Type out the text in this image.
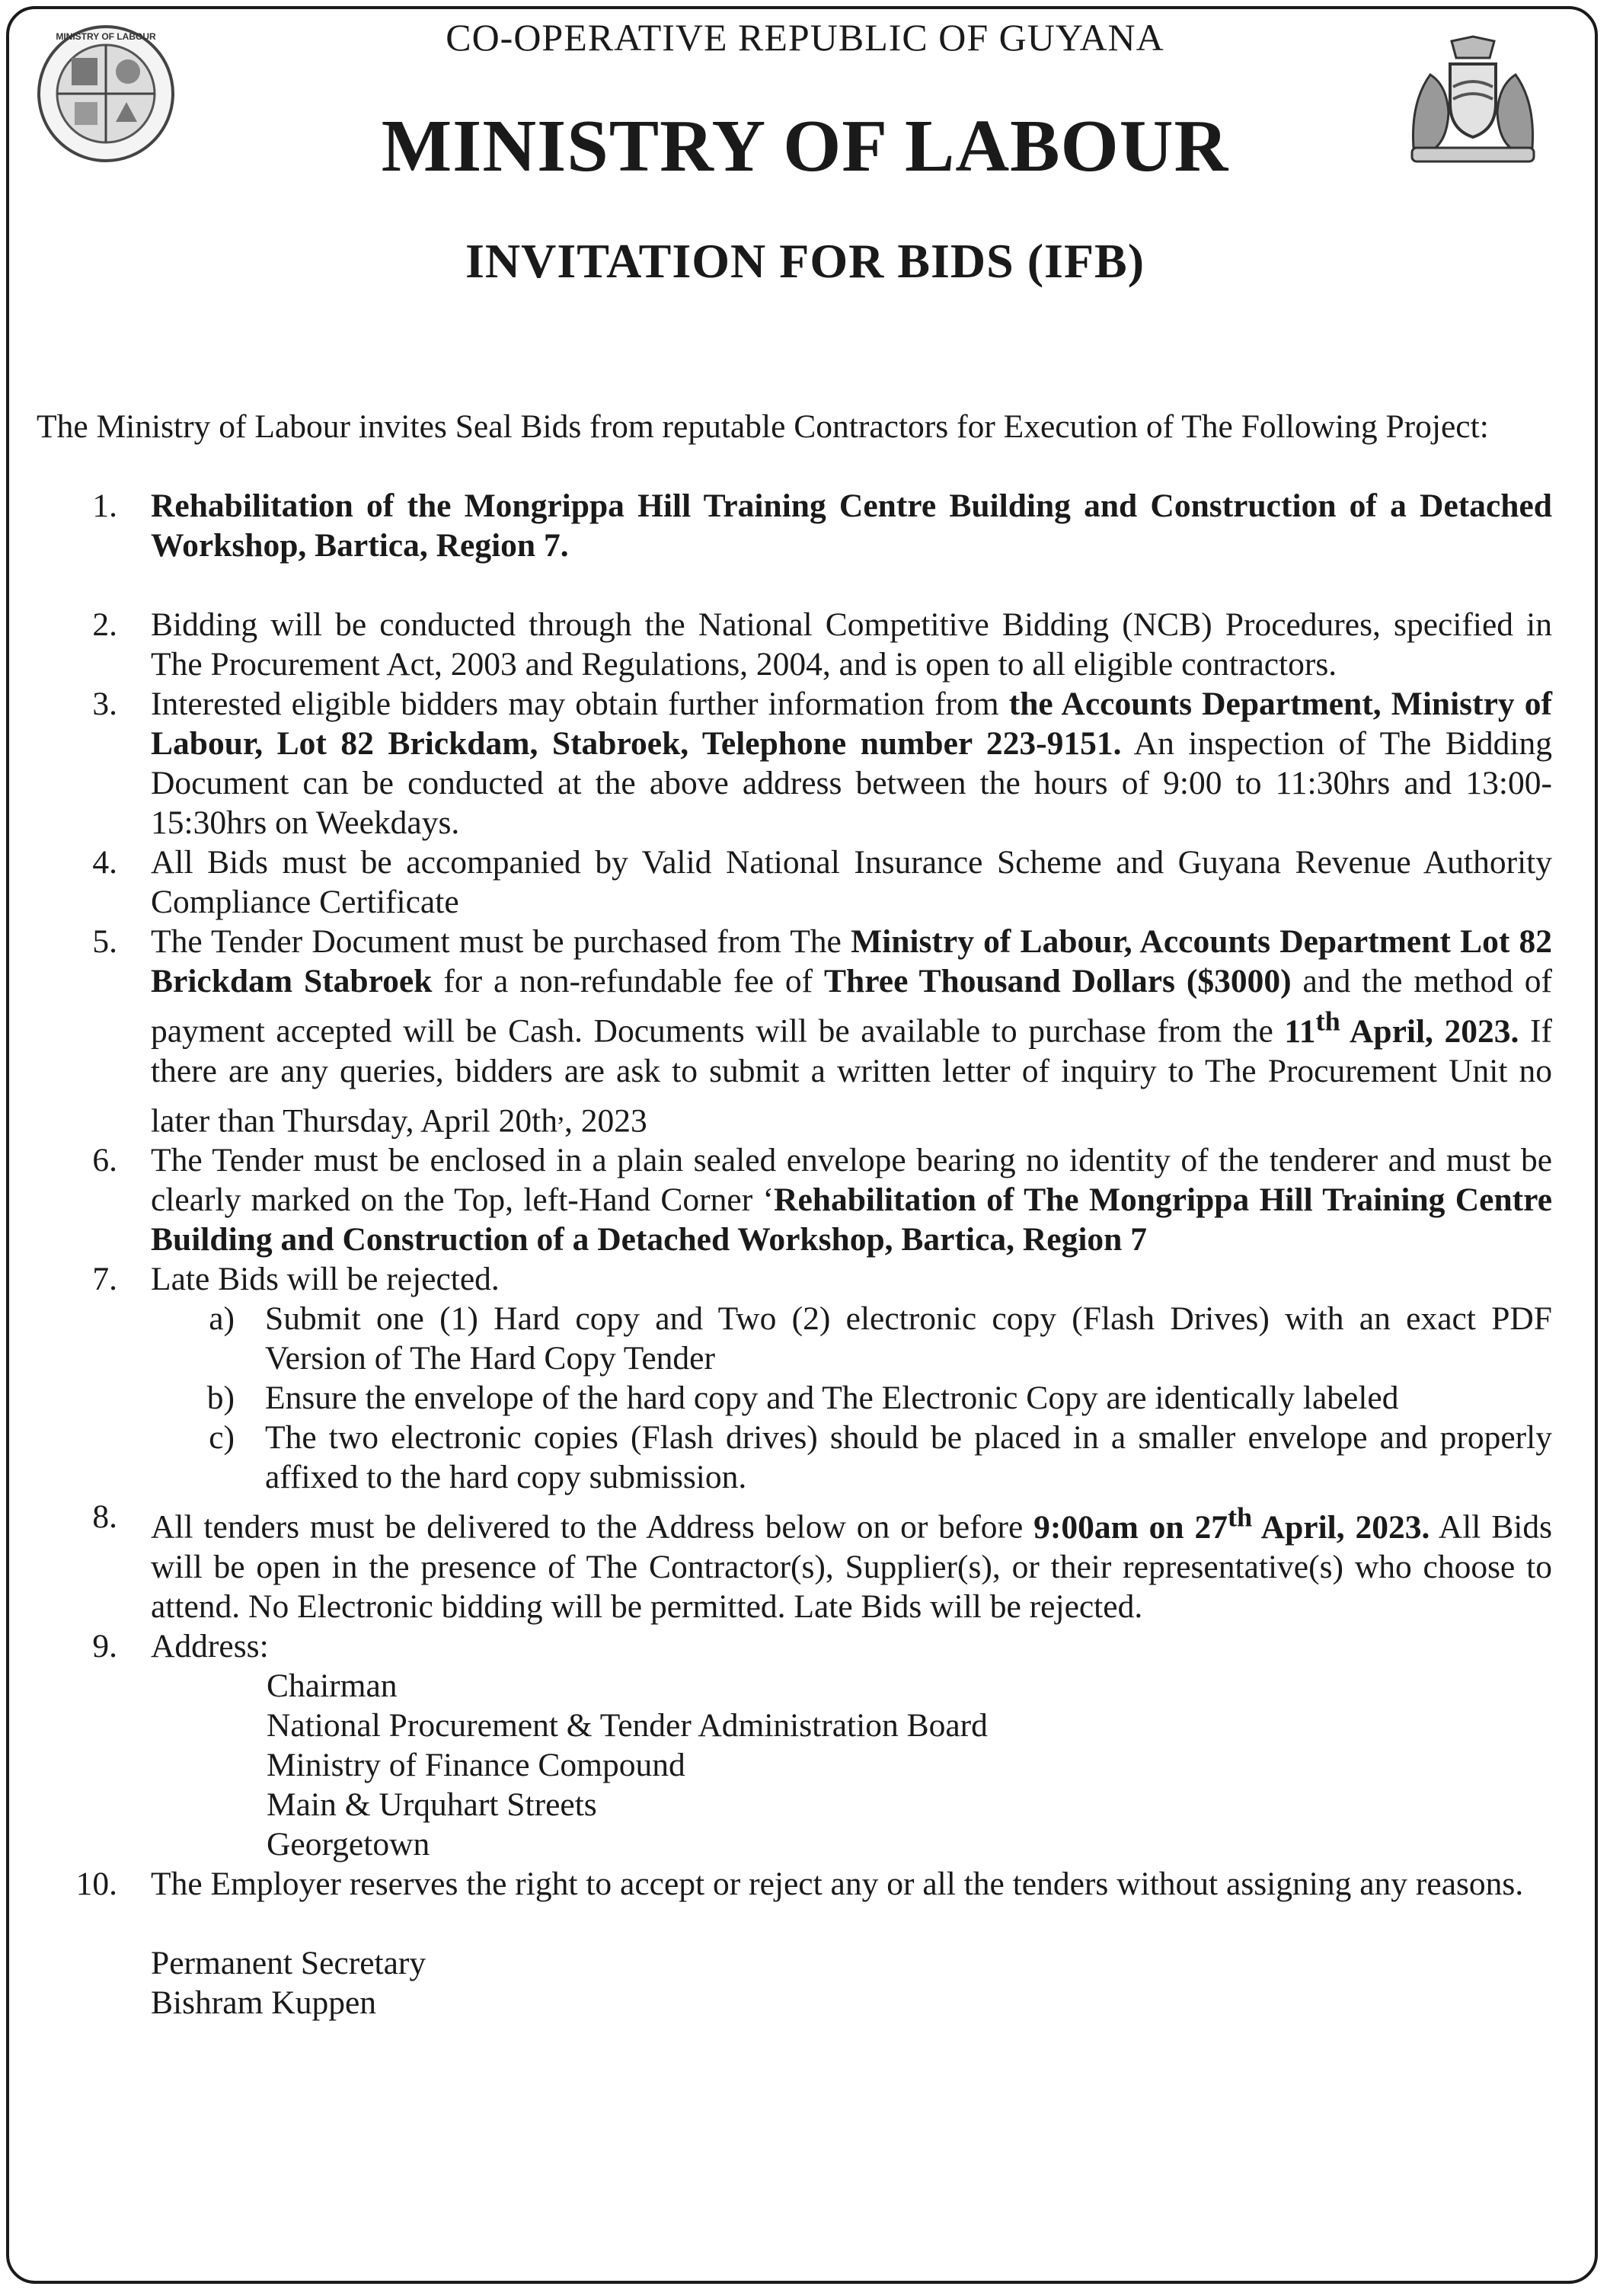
MINISTRY OF LABOUR	CO-OPERATIVE REPUBLIC OF GUYANA
MINISTRY OF LABOUR
INVITATION FOR BIDS (IFB)

The Ministry of Labour invites Seal Bids from reputable Contractors for Execution of The Following Project:

1. Rehabilitation of the Mongrippa Hill Training Centre Building and Construction of a Detached Workshop, Bartica, Region 7.
2. Bidding will be conducted through the National Competitive Bidding (NCB) Procedures, specified in The Procurement Act, 2003 and Regulations, 2004, and is open to all eligible contractors.
3. Interested eligible bidders may obtain further information from the Accounts Department, Ministry of Labour, Lot 82 Brickdam, Stabroek, Telephone number 223-9151. An inspection of The Bidding Document can be conducted at the above address between the hours of 9:00 to 11:30hrs and 13:00-15:30hrs on Weekdays.
4. All Bids must be accompanied by Valid National Insurance Scheme and Guyana Revenue Authority Compliance Certificate
5. The Tender Document must be purchased from The Ministry of Labour, Accounts Department Lot 82 Brickdam Stabroek for a non-refundable fee of Three Thousand Dollars ($3000) and the method of payment accepted will be Cash. Documents will be available to purchase from the 11th April, 2023. If there are any queries, bidders are ask to submit a written letter of inquiry to The Procurement Unit no later than Thursday, April 20th,, 2023
6. The Tender must be enclosed in a plain sealed envelope bearing no identity of the tenderer and must be clearly marked on the Top, left-Hand Corner ‘Rehabilitation of The Mongrippa Hill Training Centre Building and Construction of a Detached Workshop, Bartica, Region 7
7. Late Bids will be rejected.
a) Submit one (1) Hard copy and Two (2) electronic copy (Flash Drives) with an exact PDF Version of The Hard Copy Tender
b) Ensure the envelope of the hard copy and The Electronic Copy are identically labeled
c) The two electronic copies (Flash drives) should be placed in a smaller envelope and properly affixed to the hard copy submission.
8. All tenders must be delivered to the Address below on or before 9:00am on 27th April, 2023. All Bids will be open in the presence of The Contractor(s), Supplier(s), or their representative(s) who choose to attend. No Electronic bidding will be permitted. Late Bids will be rejected.
9. Address:
Chairman
National Procurement & Tender Administration Board
Ministry of Finance Compound
Main & Urquhart Streets
Georgetown
10. The Employer reserves the right to accept or reject any or all the tenders without assigning any reasons.
Permanent Secretary
Bishram Kuppen
